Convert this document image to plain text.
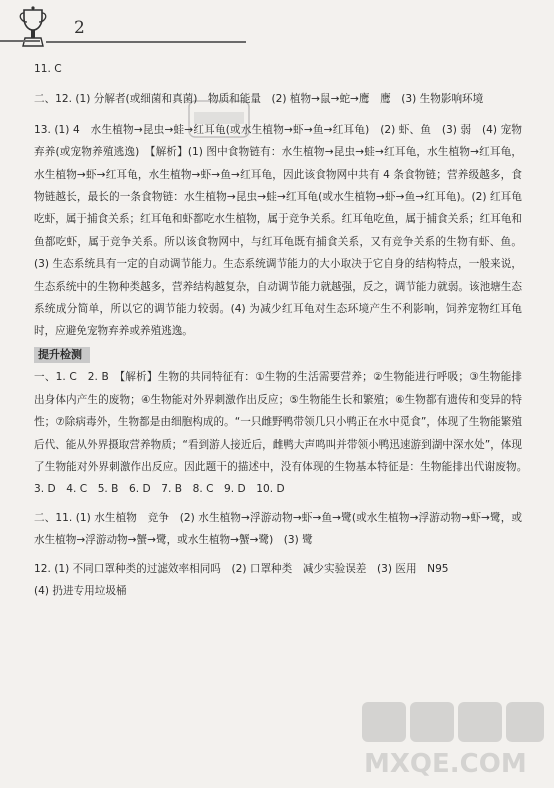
2

11. C

二、12. (1) 分解者(或细菌和真菌)　物质和能量　(2) 植物→鼠→蛇→鹰　鹰　(3) 生物影响环境

13. (1) 4　水生植物→昆虫→蛙→红耳龟(或水生植物→虾→鱼→红耳龟)　(2) 虾、鱼　(3) 弱　(4) 宠物弃养(或宠物养殖逃逸)　【解析】(1) 图中食物链有：水生植物→昆虫→蛙→红耳龟，水生植物→红耳龟，水生植物→虾→红耳龟，水生植物→虾→鱼→红耳龟，因此该食物网中共有 4 条食物链；营养级越多，食物链越长，最长的一条食物链：水生植物→昆虫→蛙→红耳龟(或水生植物→虾→鱼→红耳龟)。(2) 红耳龟吃虾，属于捕食关系；红耳龟和虾都吃水生植物，属于竞争关系。红耳龟吃鱼，属于捕食关系；红耳龟和鱼都吃虾，属于竞争关系。所以该食物网中，与红耳龟既有捕食关系，又有竞争关系的生物有虾、鱼。(3) 生态系统具有一定的自动调节能力。生态系统调节能力的大小取决于它自身的结构特点，一般来说，生态系统中的生物种类越多，营养结构越复杂，自动调节能力就越强，反之，调节能力就弱。该池塘生态系统成分简单，所以它的调节能力较弱。(4) 为减少红耳龟对生态环境产生不利影响，饲养宠物红耳龟时，应避免宠物弃养或养殖逃逸。

提升检测

一、1. C　2. B　【解析】生物的共同特征有：①生物的生活需要营养；②生物能进行呼吸；③生物能排出身体内产生的废物；④生物能对外界刺激作出反应；⑤生物能生长和繁殖；⑥生物都有遗传和变异的特性；⑦除病毒外，生物都是由细胞构成的。“一只雌野鸭带领几只小鸭正在水中觅食”，体现了生物能繁殖后代、能从外界摄取营养物质；“看到游人接近后，雌鸭大声鸣叫并带领小鸭迅速游到湖中深水处”，体现了生物能对外界刺激作出反应。因此题干的描述中，没有体现的生物基本特征是：生物能排出代谢废物。　3. D　4. C　5. B　6. D　7. B　8. C　9. D　10. D

二、11. (1) 水生植物　竞争　(2) 水生植物→浮游动物→虾→鱼→鹭(或水生植物→浮游动物→虾→鹭，或水生植物→浮游动物→蟹→鹭，或水生植物→蟹→鹭)　(3) 鹭

12. (1) 不同口罩种类的过滤效率相同吗　(2) 口罩种类　减少实验误差　(3) 医用　N95

(4) 扔进专用垃圾桶

MXQE.COM
